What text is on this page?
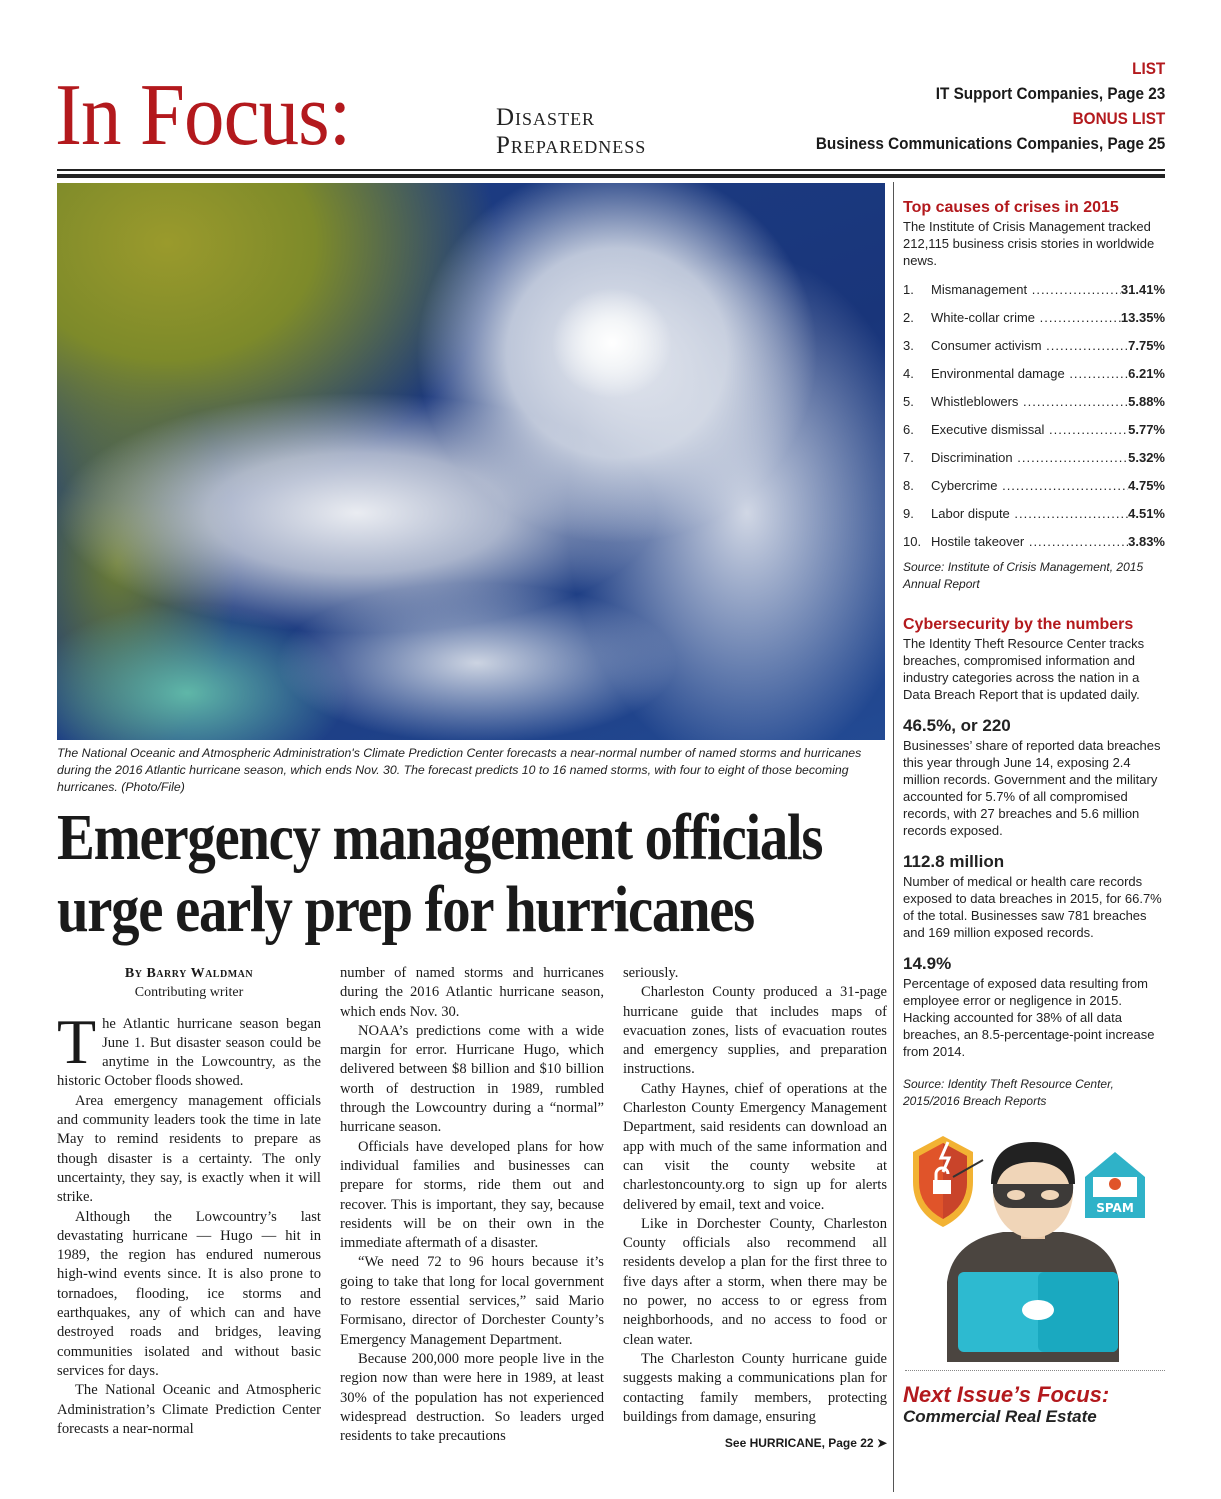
In Focus:	Disaster
Preparedness
LIST
IT Support Companies, Page 23
BONUS LIST
Business Communications Companies, Page 25
The National Oceanic and Atmospheric Administration's Climate Prediction Center forecasts a near-normal number of named storms and hurricanes during the 2016 Atlantic hurricane season, which ends Nov. 30. The forecast predicts 10 to 16 named storms, with four to eight of those becoming hurricanes. (Photo/File)
Emergency management officials
urge early prep for hurricanes
By Barry Waldman
Contributing writer

The Atlantic hurricane season began June 1. But disaster season could be anytime in the Lowcountry, as the historic October floods showed.

Area emergency management officials and community leaders took the time in late May to remind residents to prepare as though disaster is a certainty. The only uncertainty, they say, is exactly when it will strike.

Although the Lowcountry’s last devastating hurricane — Hugo — hit in 1989, the region has endured numerous high-wind events since. It is also prone to tornadoes, flooding, ice storms and earthquakes, any of which can and have destroyed roads and bridges, leaving communities isolated and without basic services for days.

The National Oceanic and Atmospheric Administration’s Climate Prediction Center forecasts a near-normal

number of named storms and hurricanes during the 2016 Atlantic hurricane season, which ends Nov. 30.

NOAA’s predictions come with a wide margin for error. Hurricane Hugo, which delivered between $8 billion and $10 billion worth of destruction in 1989, rumbled through the Lowcountry during a “normal” hurricane season.

Officials have developed plans for how individual families and businesses can prepare for storms, ride them out and recover. This is important, they say, because residents will be on their own in the immediate aftermath of a disaster.

“We need 72 to 96 hours because it’s going to take that long for local government to restore essential services,” said Mario Formisano, director of Dorchester County’s Emergency Management Department.

Because 200,000 more people live in the region now than were here in 1989, at least 30% of the population has not experienced widespread destruction. So leaders urged residents to take precautions

seriously.

Charleston County produced a 31-page hurricane guide that includes maps of evacuation zones, lists of evacuation routes and emergency supplies, and preparation instructions.

Cathy Haynes, chief of operations at the Charleston County Emergency Management Department, said residents can download an app with much of the same information and can visit the county website at charlestoncounty.org to sign up for alerts delivered by email, text and voice.

Like in Dorchester County, Charleston County officials also recommend all residents develop a plan for the first three to five days after a storm, when there may be no power, no access to or egress from neighborhoods, and no access to food or clean water.

The Charleston County hurricane guide suggests making a communications plan for contacting family members, protecting buildings from damage, ensuring

See HURRICANE, Page 22 ➤
Top causes of crises in 2015
The Institute of Crisis Management tracked 212,115 business crisis stories in worldwide news.
1.	Mismanagement .....	31.41%
2.	White-collar crime .....	13.35%
3.	Consumer activism .....	7.75%
4.	Environmental damage .....	6.21%
5.	Whistleblowers .....	5.88%
6.	Executive dismissal .....	5.77%
7.	Discrimination .....	5.32%
8.	Cybercrime .....	4.75%
9.	Labor dispute .....	4.51%
10. Hostile takeover .....	3.83%
Source: Institute of Crisis Management, 2015 Annual Report
Cybersecurity by the numbers
The Identity Theft Resource Center tracks breaches, compromised information and industry categories across the nation in a Data Breach Report that is updated daily.
46.5%, or 220
Businesses’ share of reported data breaches this year through June 14, exposing 2.4 million records. Government and the military accounted for 5.7% of all compromised records, with 27 breaches and 5.6 million records exposed.
112.8 million
Number of medical or health care records exposed to data breaches in 2015, for 66.7% of the total. Businesses saw 781 breaches and 169 million exposed records.
14.9%
Percentage of exposed data resulting from employee error or negligence in 2015. Hacking accounted for 38% of all data breaches, an 8.5-percentage-point increase from 2014.
Source: Identity Theft Resource Center, 2015/2016 Breach Reports
SPAM
Next Issue’s Focus:
Commercial Real Estate
